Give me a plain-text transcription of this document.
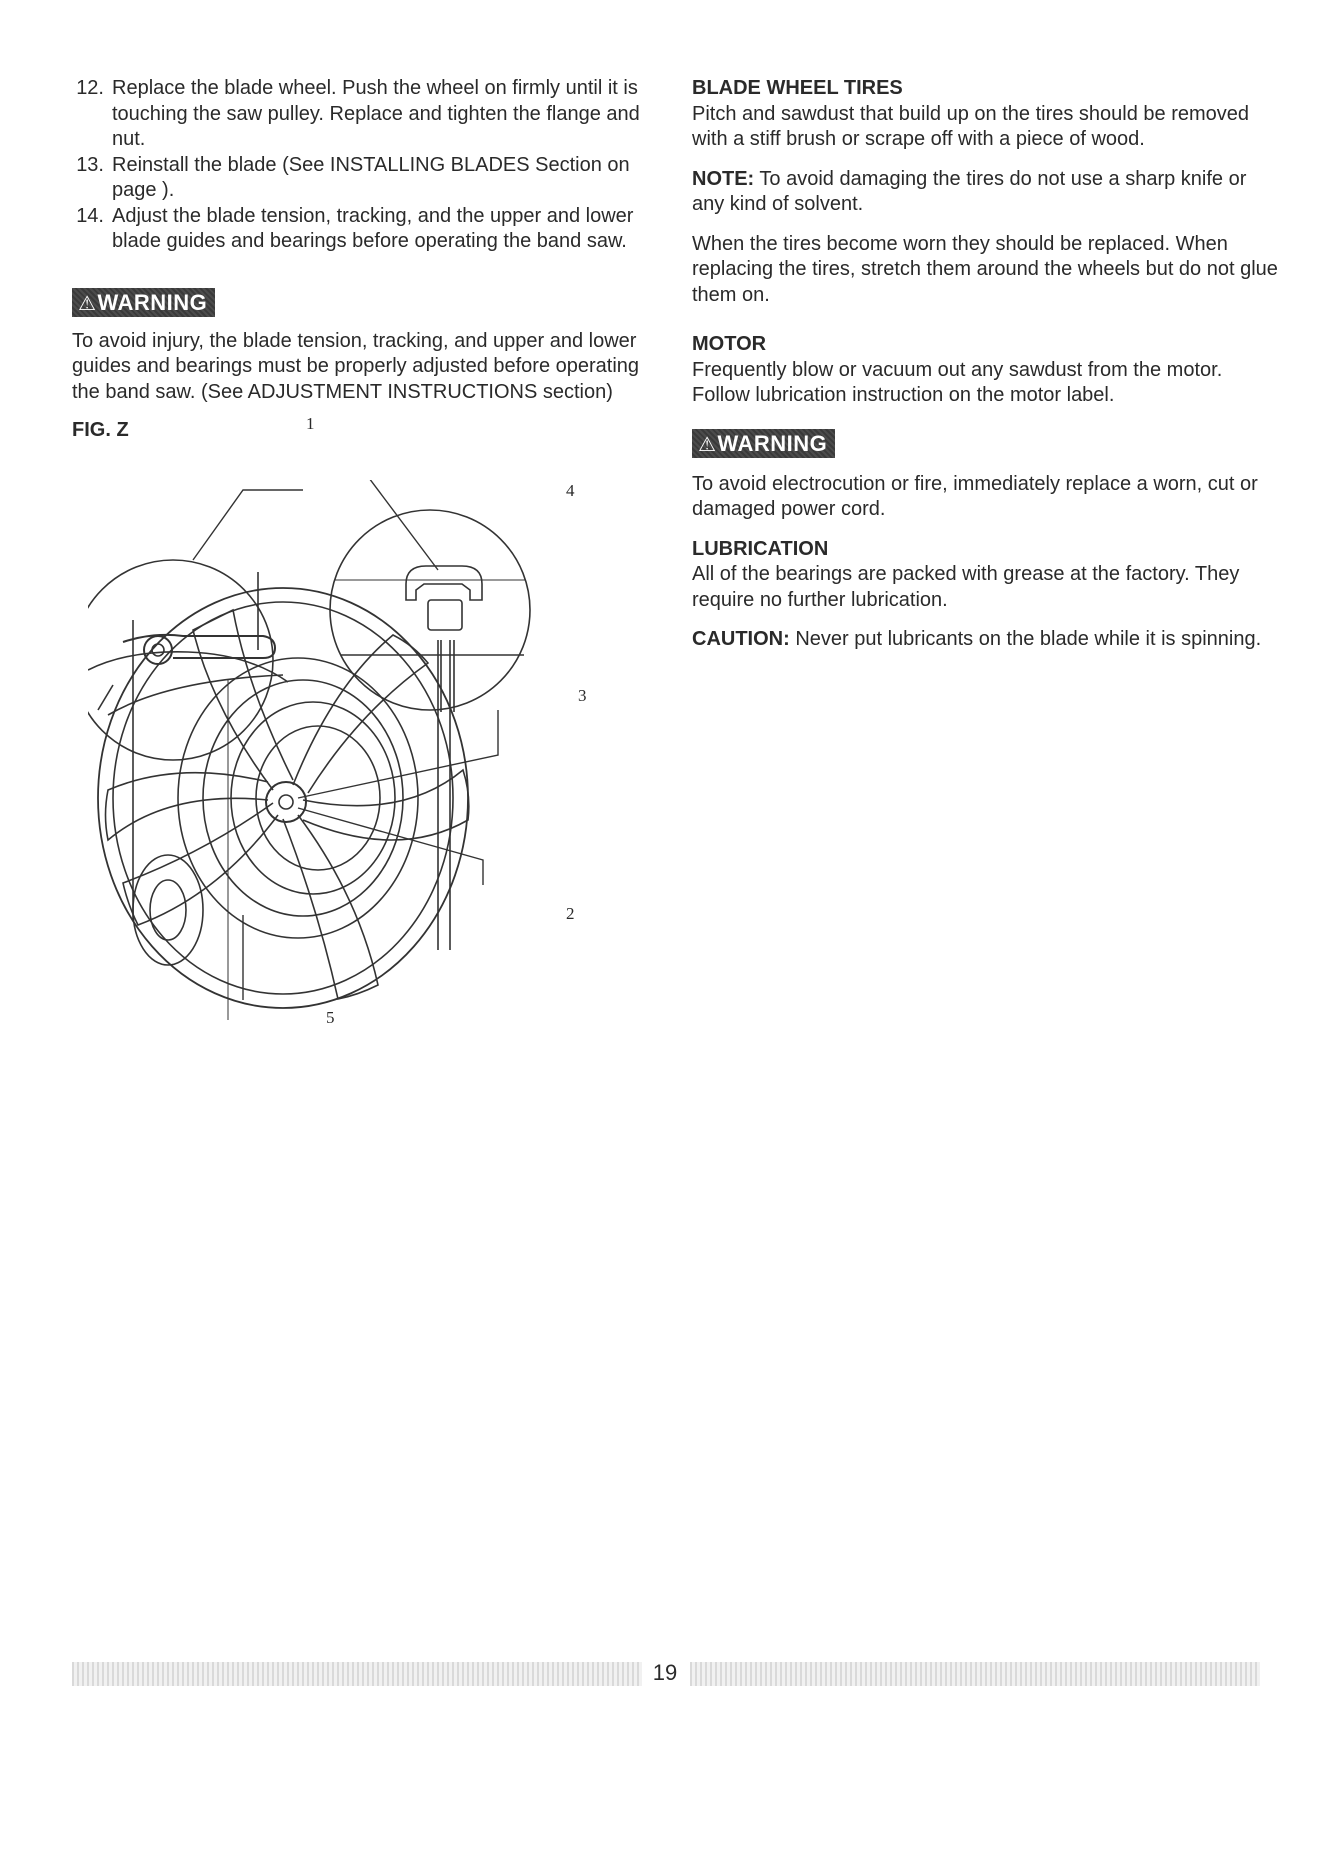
12. Replace the blade wheel. Push the wheel on firmly until it is touching the saw pulley. Replace and tighten the flange and nut.
13. Reinstall the blade (See INSTALLING BLADES Section on page ).
14. Adjust the blade tension, tracking, and the upper and lower blade guides and bearings before operating the band saw.
⚠WARNING

To avoid injury, the blade tension, tracking, and upper and lower guides and bearings must be properly adjusted before operating the band saw. (See ADJUSTMENT INSTRUCTIONS section)

FIG. Z	1
4
3
2
5

BLADE WHEEL TIRES

Pitch and sawdust that build up on the tires should be removed with a stiff brush or scrape off with a piece of wood.

NOTE: To avoid damaging the tires do not use a sharp knife or any kind of solvent.

When the tires become worn they should be replaced. When replacing the tires, stretch them around the wheels but do not glue them on.

MOTOR

Frequently blow or vacuum out any sawdust from the motor. Follow lubrication instruction on the motor label.

⚠WARNING

To avoid electrocution or fire, immediately replace a worn, cut or damaged power cord.

LUBRICATION

All of the bearings are packed with grease at the factory. They require no further lubrication.

CAUTION: Never put lubricants on the blade while it is spinning.

19
